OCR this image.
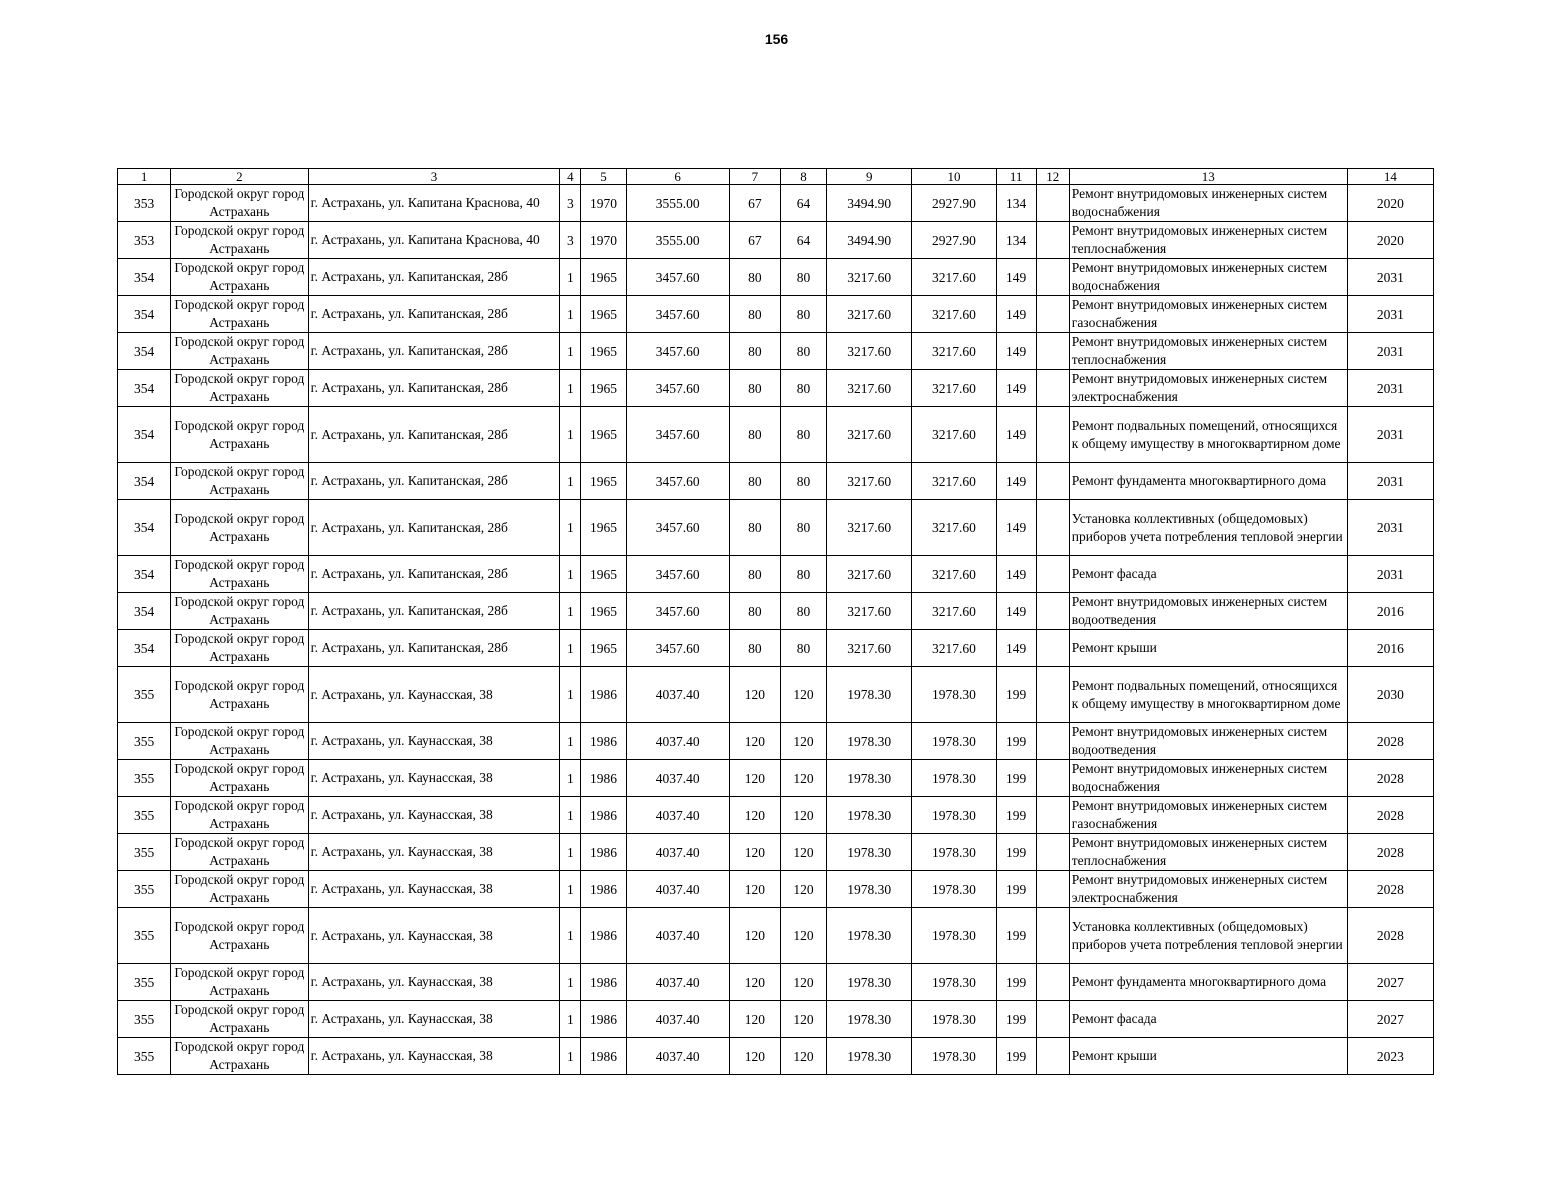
156
1	2	3	4	5	6	7	8	9	10	11	12	13	14
353	Городской округ город Астрахань	г. Астрахань, ул. Капитана Краснова, 40	3	1970	3555.00	67	64	3494.90	2927.90	134		Ремонт внутридомовых инженерных систем водоснабжения	2020
353	Городской округ город Астрахань	г. Астрахань, ул. Капитана Краснова, 40	3	1970	3555.00	67	64	3494.90	2927.90	134		Ремонт внутридомовых инженерных систем теплоснабжения	2020
354	Городской округ город Астрахань	г. Астрахань, ул. Капитанская, 28б	1	1965	3457.60	80	80	3217.60	3217.60	149		Ремонт внутридомовых инженерных систем водоснабжения	2031
354	Городской округ город Астрахань	г. Астрахань, ул. Капитанская, 28б	1	1965	3457.60	80	80	3217.60	3217.60	149		Ремонт внутридомовых инженерных систем газоснабжения	2031
354	Городской округ город Астрахань	г. Астрахань, ул. Капитанская, 28б	1	1965	3457.60	80	80	3217.60	3217.60	149		Ремонт внутридомовых инженерных систем теплоснабжения	2031
354	Городской округ город Астрахань	г. Астрахань, ул. Капитанская, 28б	1	1965	3457.60	80	80	3217.60	3217.60	149		Ремонт внутридомовых инженерных систем электроснабжения	2031
354	Городской округ город Астрахань	г. Астрахань, ул. Капитанская, 28б	1	1965	3457.60	80	80	3217.60	3217.60	149		Ремонт подвальных помещений, относящихся к общему имуществу в многоквартирном доме	2031
354	Городской округ город Астрахань	г. Астрахань, ул. Капитанская, 28б	1	1965	3457.60	80	80	3217.60	3217.60	149		Ремонт фундамента многоквартирного дома	2031
354	Городской округ город Астрахань	г. Астрахань, ул. Капитанская, 28б	1	1965	3457.60	80	80	3217.60	3217.60	149		Установка коллективных (общедомовых) приборов учета потребления тепловой энергии	2031
354	Городской округ город Астрахань	г. Астрахань, ул. Капитанская, 28б	1	1965	3457.60	80	80	3217.60	3217.60	149		Ремонт фасада	2031
354	Городской округ город Астрахань	г. Астрахань, ул. Капитанская, 28б	1	1965	3457.60	80	80	3217.60	3217.60	149		Ремонт внутридомовых инженерных систем водоотведения	2016
354	Городской округ город Астрахань	г. Астрахань, ул. Капитанская, 28б	1	1965	3457.60	80	80	3217.60	3217.60	149		Ремонт крыши	2016
355	Городской округ город Астрахань	г. Астрахань, ул. Каунасская, 38	1	1986	4037.40	120	120	1978.30	1978.30	199		Ремонт подвальных помещений, относящихся к общему имуществу в многоквартирном доме	2030
355	Городской округ город Астрахань	г. Астрахань, ул. Каунасская, 38	1	1986	4037.40	120	120	1978.30	1978.30	199		Ремонт внутридомовых инженерных систем водоотведения	2028
355	Городской округ город Астрахань	г. Астрахань, ул. Каунасская, 38	1	1986	4037.40	120	120	1978.30	1978.30	199		Ремонт внутридомовых инженерных систем водоснабжения	2028
355	Городской округ город Астрахань	г. Астрахань, ул. Каунасская, 38	1	1986	4037.40	120	120	1978.30	1978.30	199		Ремонт внутридомовых инженерных систем газоснабжения	2028
355	Городской округ город Астрахань	г. Астрахань, ул. Каунасская, 38	1	1986	4037.40	120	120	1978.30	1978.30	199		Ремонт внутридомовых инженерных систем теплоснабжения	2028
355	Городской округ город Астрахань	г. Астрахань, ул. Каунасская, 38	1	1986	4037.40	120	120	1978.30	1978.30	199		Ремонт внутридомовых инженерных систем электроснабжения	2028
355	Городской округ город Астрахань	г. Астрахань, ул. Каунасская, 38	1	1986	4037.40	120	120	1978.30	1978.30	199		Установка коллективных (общедомовых) приборов учета потребления тепловой энергии	2028
355	Городской округ город Астрахань	г. Астрахань, ул. Каунасская, 38	1	1986	4037.40	120	120	1978.30	1978.30	199		Ремонт фундамента многоквартирного дома	2027
355	Городской округ город Астрахань	г. Астрахань, ул. Каунасская, 38	1	1986	4037.40	120	120	1978.30	1978.30	199		Ремонт фасада	2027
355	Городской округ город Астрахань	г. Астрахань, ул. Каунасская, 38	1	1986	4037.40	120	120	1978.30	1978.30	199		Ремонт крыши	2023
